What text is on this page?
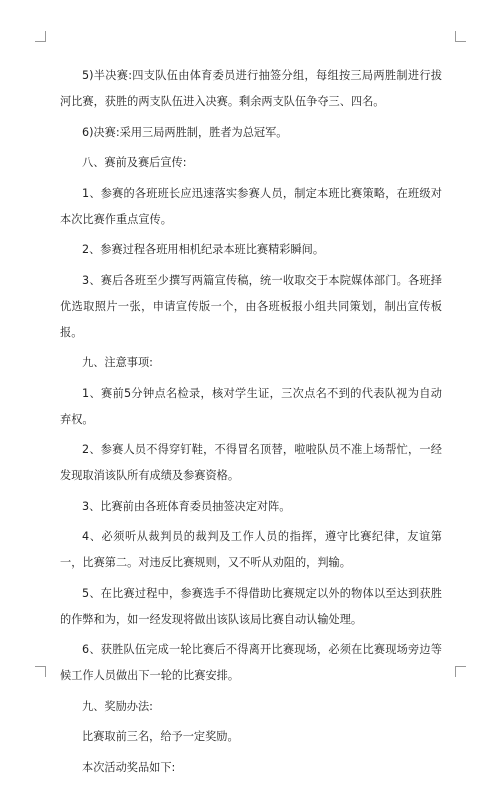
5)半决赛:四支队伍由体育委员进行抽签分组，每组按三局两胜制进行拔河比赛，获胜的两支队伍进入决赛。剩余两支队伍争夺三、四名。

6)决赛:采用三局两胜制，胜者为总冠军。

八、赛前及赛后宣传:

1、参赛的各班班长应迅速落实参赛人员，制定本班比赛策略，在班级对本次比赛作重点宣传。

2、参赛过程各班用相机纪录本班比赛精彩瞬间。

3、赛后各班至少撰写两篇宣传稿，统一收取交于本院媒体部门。各班择优选取照片一张，申请宣传版一个，由各班板报小组共同策划，制出宣传板报。

九、注意事项:

1、赛前5分钟点名检录，核对学生证，三次点名不到的代表队视为自动弃权。

2、参赛人员不得穿钉鞋，不得冒名顶替，啦啦队员不准上场帮忙，一经发现取消该队所有成绩及参赛资格。

3、比赛前由各班体育委员抽签决定对阵。

4、必须听从裁判员的裁判及工作人员的指挥，遵守比赛纪律，友谊第一，比赛第二。对违反比赛规则，又不听从劝阻的，判输。

5、在比赛过程中，参赛选手不得借助比赛规定以外的物体以至达到获胜的作弊和为，如一经发现将做出该队该局比赛自动认输处理。

6、获胜队伍完成一轮比赛后不得离开比赛现场，必须在比赛现场旁边等候工作人员做出下一轮的比赛安排。

九、奖励办法:

比赛取前三名，给予一定奖励。

本次活动奖品如下:
